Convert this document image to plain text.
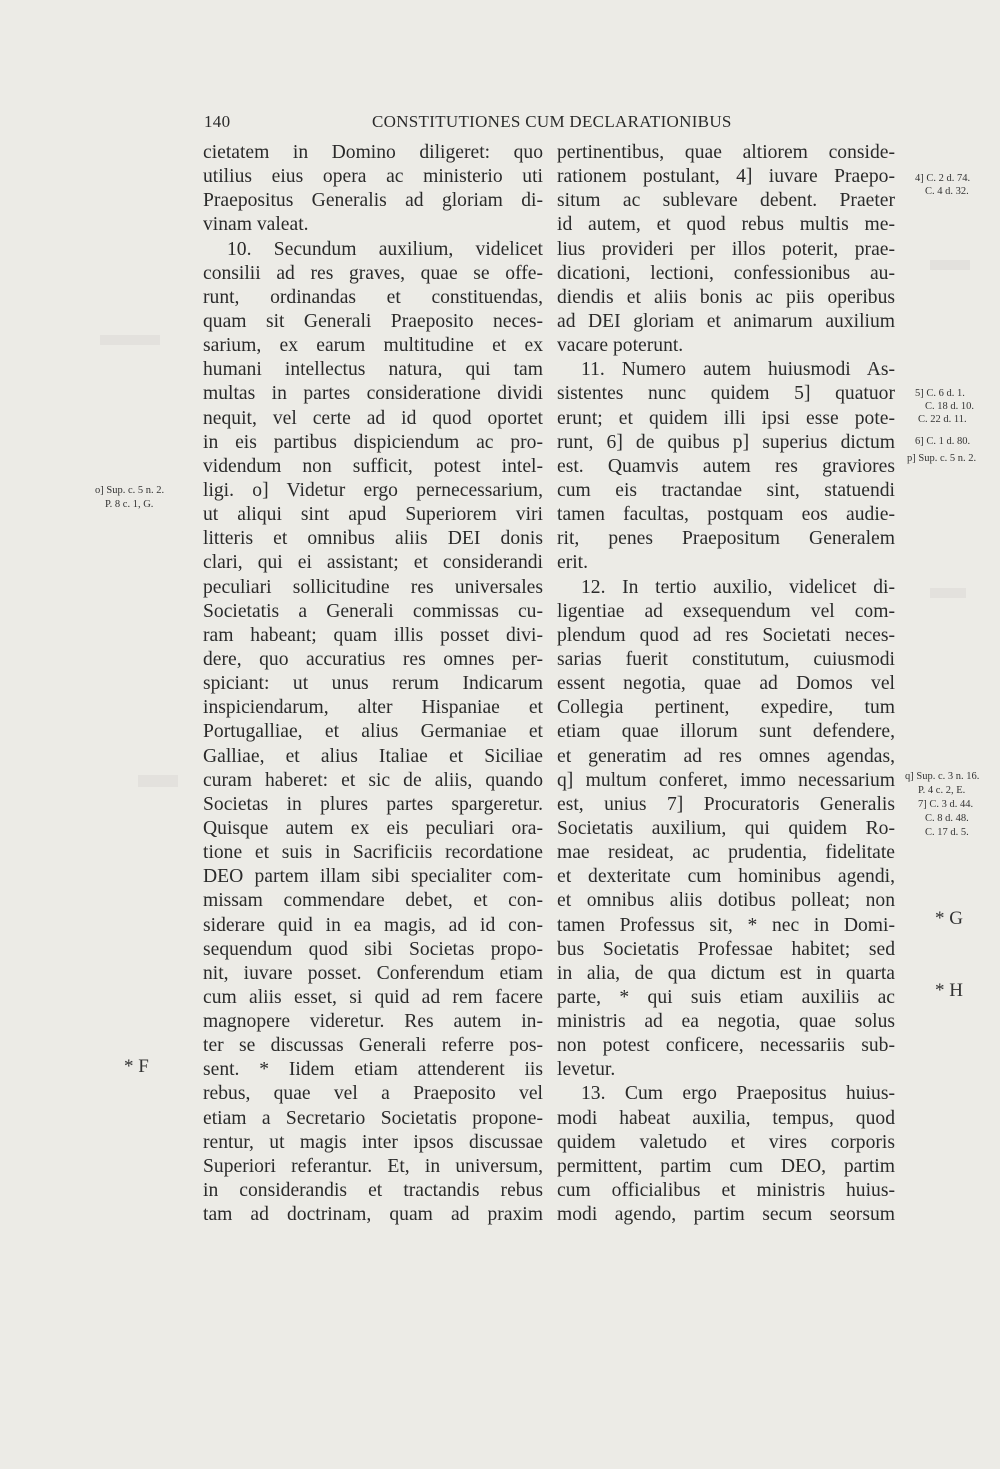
140	CONSTITUTIONES CUM DECLARATIONIBUS
cietatem in Domino diligeret: quo
utilius eius opera ac ministerio uti
Praepositus Generalis ad gloriam di-
vinam valeat.
10. Secundum auxilium, videlicet
consilii ad res graves, quae se offe-
runt, ordinandas et constituendas,
quam sit Generali Praeposito neces-
sarium, ex earum multitudine et ex
humani intellectus natura, qui tam
multas in partes consideratione dividi
nequit, vel certe ad id quod oportet
in eis partibus dispiciendum ac pro-
videndum non sufficit, potest intel-
ligi. o] Videtur ergo pernecessarium,
ut aliqui sint apud Superiorem viri
litteris et omnibus aliis DEI donis
clari, qui ei assistant; et considerandi
peculiari sollicitudine res universales
Societatis a Generali commissas cu-
ram habeant; quam illis posset divi-
dere, quo accuratius res omnes per-
spiciant: ut unus rerum Indicarum
inspiciendarum, alter Hispaniae et
Portugalliae, et alius Germaniae et
Galliae, et alius Italiae et Siciliae
curam haberet: et sic de aliis, quando
Societas in plures partes spargeretur.
Quisque autem ex eis peculiari ora-
tione et suis in Sacrificiis recordatione
DEO partem illam sibi specialiter com-
missam commendare debet, et con-
siderare quid in ea magis, ad id con-
sequendum quod sibi Societas propo-
nit, iuvare posset. Conferendum etiam
cum aliis esset, si quid ad rem facere
magnopere videretur. Res autem in-
ter se discussas Generali referre pos-
sent. * Iidem etiam attenderent iis
rebus, quae vel a Praeposito vel
etiam a Secretario Societatis propone-
rentur, ut magis inter ipsos discussae
Superiori referantur. Et, in universum,
in considerandis et tractandis rebus
tam ad doctrinam, quam ad praxim
pertinentibus, quae altiorem conside-
rationem postulant, 4] iuvare Praepo-
situm ac sublevare debent. Praeter
id autem, et quod rebus multis me-
lius provideri per illos poterit, prae-
dicationi, lectioni, confessionibus au-
diendis et aliis bonis ac piis operibus
ad DEI gloriam et animarum auxilium
vacare poterunt.
11. Numero autem huiusmodi As-
sistentes nunc quidem 5] quatuor
erunt; et quidem illi ipsi esse pote-
runt, 6] de quibus p] superius dictum
est. Quamvis autem res graviores
cum eis tractandae sint, statuendi
tamen facultas, postquam eos audie-
rit, penes Praepositum Generalem
erit.
12. In tertio auxilio, videlicet di-
ligentiae ad exsequendum vel com-
plendum quod ad res Societati neces-
sarias fuerit constitutum, cuiusmodi
essent negotia, quae ad Domos vel
Collegia pertinent, expedire, tum
etiam quae illorum sunt defendere,
et generatim ad res omnes agendas,
q] multum conferet, immo necessarium
est, unius 7] Procuratoris Generalis
Societatis auxilium, qui quidem Ro-
mae resideat, ac prudentia, fidelitate
et dexteritate cum hominibus agendi,
et omnibus aliis dotibus polleat; non
tamen Professus sit, * nec in Domi-
bus Societatis Professae habitet; sed
in alia, de qua dictum est in quarta
parte, * qui suis etiam auxiliis ac
ministris ad ea negotia, quae solus
non potest conficere, necessariis sub-
levetur.
13. Cum ergo Praepositus huius-
modi habeat auxilia, tempus, quod
quidem valetudo et vires corporis
permittent, partim cum DEO, partim
cum officialibus et ministris huius-
modi agendo, partim secum seorsum
o] Sup. c. 5 n. 2.
P. 8 c. 1, G.
* F
4] C. 2 d. 74.
C. 4 d. 32.
5] C. 6 d. 1.
C. 18 d. 10.
C. 22 d. 11.
6] C. 1 d. 80.
p] Sup. c. 5 n. 2.
q] Sup. c. 3 n. 16.
P. 4 c. 2, E.
7] C. 3 d. 44.
C. 8 d. 48.
C. 17 d. 5.
* G
* H
